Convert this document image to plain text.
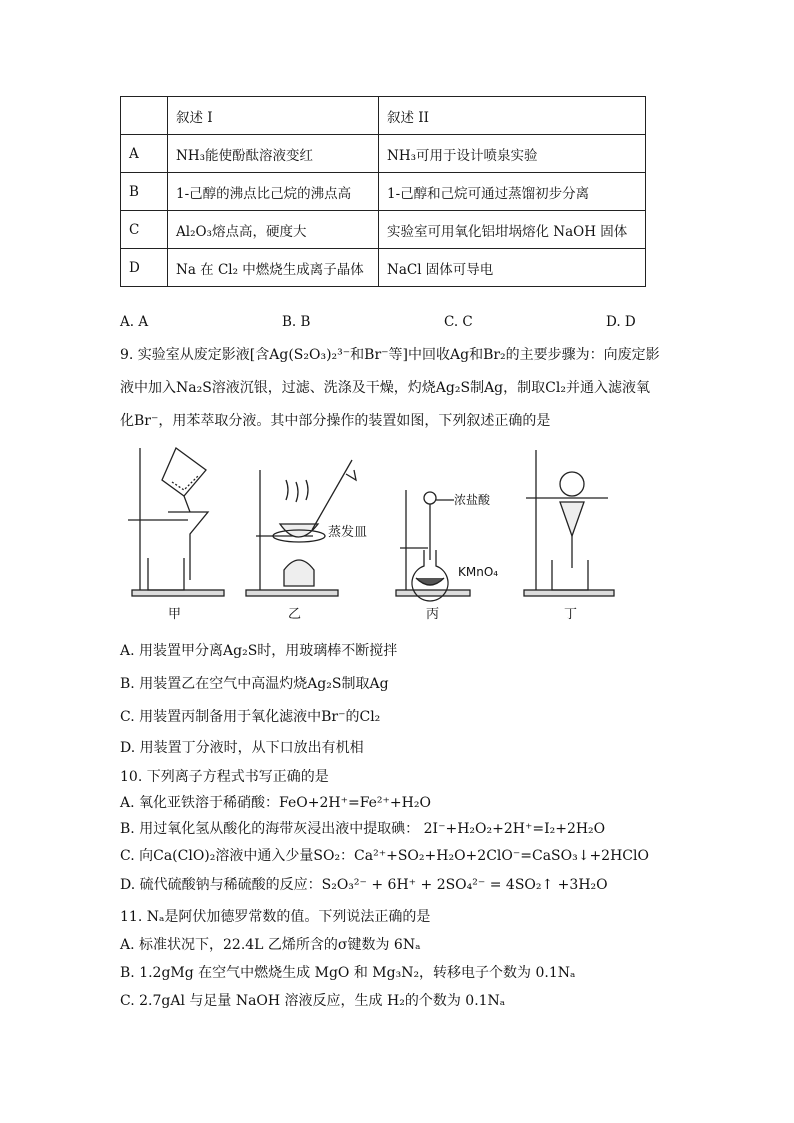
	叙述 I	叙述 II
A	NH₃能使酚酞溶液变红	NH₃可用于设计喷泉实验
B	1-己醇的沸点比己烷的沸点高	1-己醇和己烷可通过蒸馏初步分离
C	Al₂O₃熔点高，硬度大	实验室可用氧化铝坩埚熔化 NaOH 固体
D	Na 在 Cl₂ 中燃烧生成离子晶体	NaCl 固体可导电
A. A	B. B	C. C	D. D
9. 实验室从废定影液[含Ag(S₂O₃)₂³⁻和Br⁻等]中回收Ag和Br₂的主要步骤为：向废定影
液中加入Na₂S溶液沉银，过滤、洗涤及干燥，灼烧Ag₂S制Ag，制取Cl₂并通入滤液氧
化Br⁻，用苯萃取分液。其中部分操作的装置如图，下列叙述正确的是
甲
蒸发皿
乙
浓盐酸
KMnO₄
丙	丁
A. 用装置甲分离Ag₂S时，用玻璃棒不断搅拌
B. 用装置乙在空气中高温灼烧Ag₂S制取Ag
C. 用装置丙制备用于氧化滤液中Br⁻的Cl₂
D. 用装置丁分液时，从下口放出有机相
10. 下列离子方程式书写正确的是
A. 氧化亚铁溶于稀硝酸：FeO+2H⁺=Fe²⁺+H₂O
B. 用过氧化氢从酸化的海带灰浸出液中提取碘： 2I⁻+H₂O₂+2H⁺=I₂+2H₂O
C. 向Ca(ClO)₂溶液中通入少量SO₂：Ca²⁺+SO₂+H₂O+2ClO⁻=CaSO₃↓+2HClO
D. 硫代硫酸钠与稀硫酸的反应：S₂O₃²⁻ + 6H⁺ + 2SO₄²⁻ = 4SO₂↑ +3H₂O
11. Nₐ是阿伏加德罗常数的值。下列说法正确的是
A. 标准状况下，22.4L 乙烯所含的σ键数为 6Nₐ
B. 1.2gMg 在空气中燃烧生成 MgO 和 Mg₃N₂，转移电子个数为 0.1Nₐ
C. 2.7gAl 与足量 NaOH 溶液反应，生成 H₂的个数为 0.1Nₐ
